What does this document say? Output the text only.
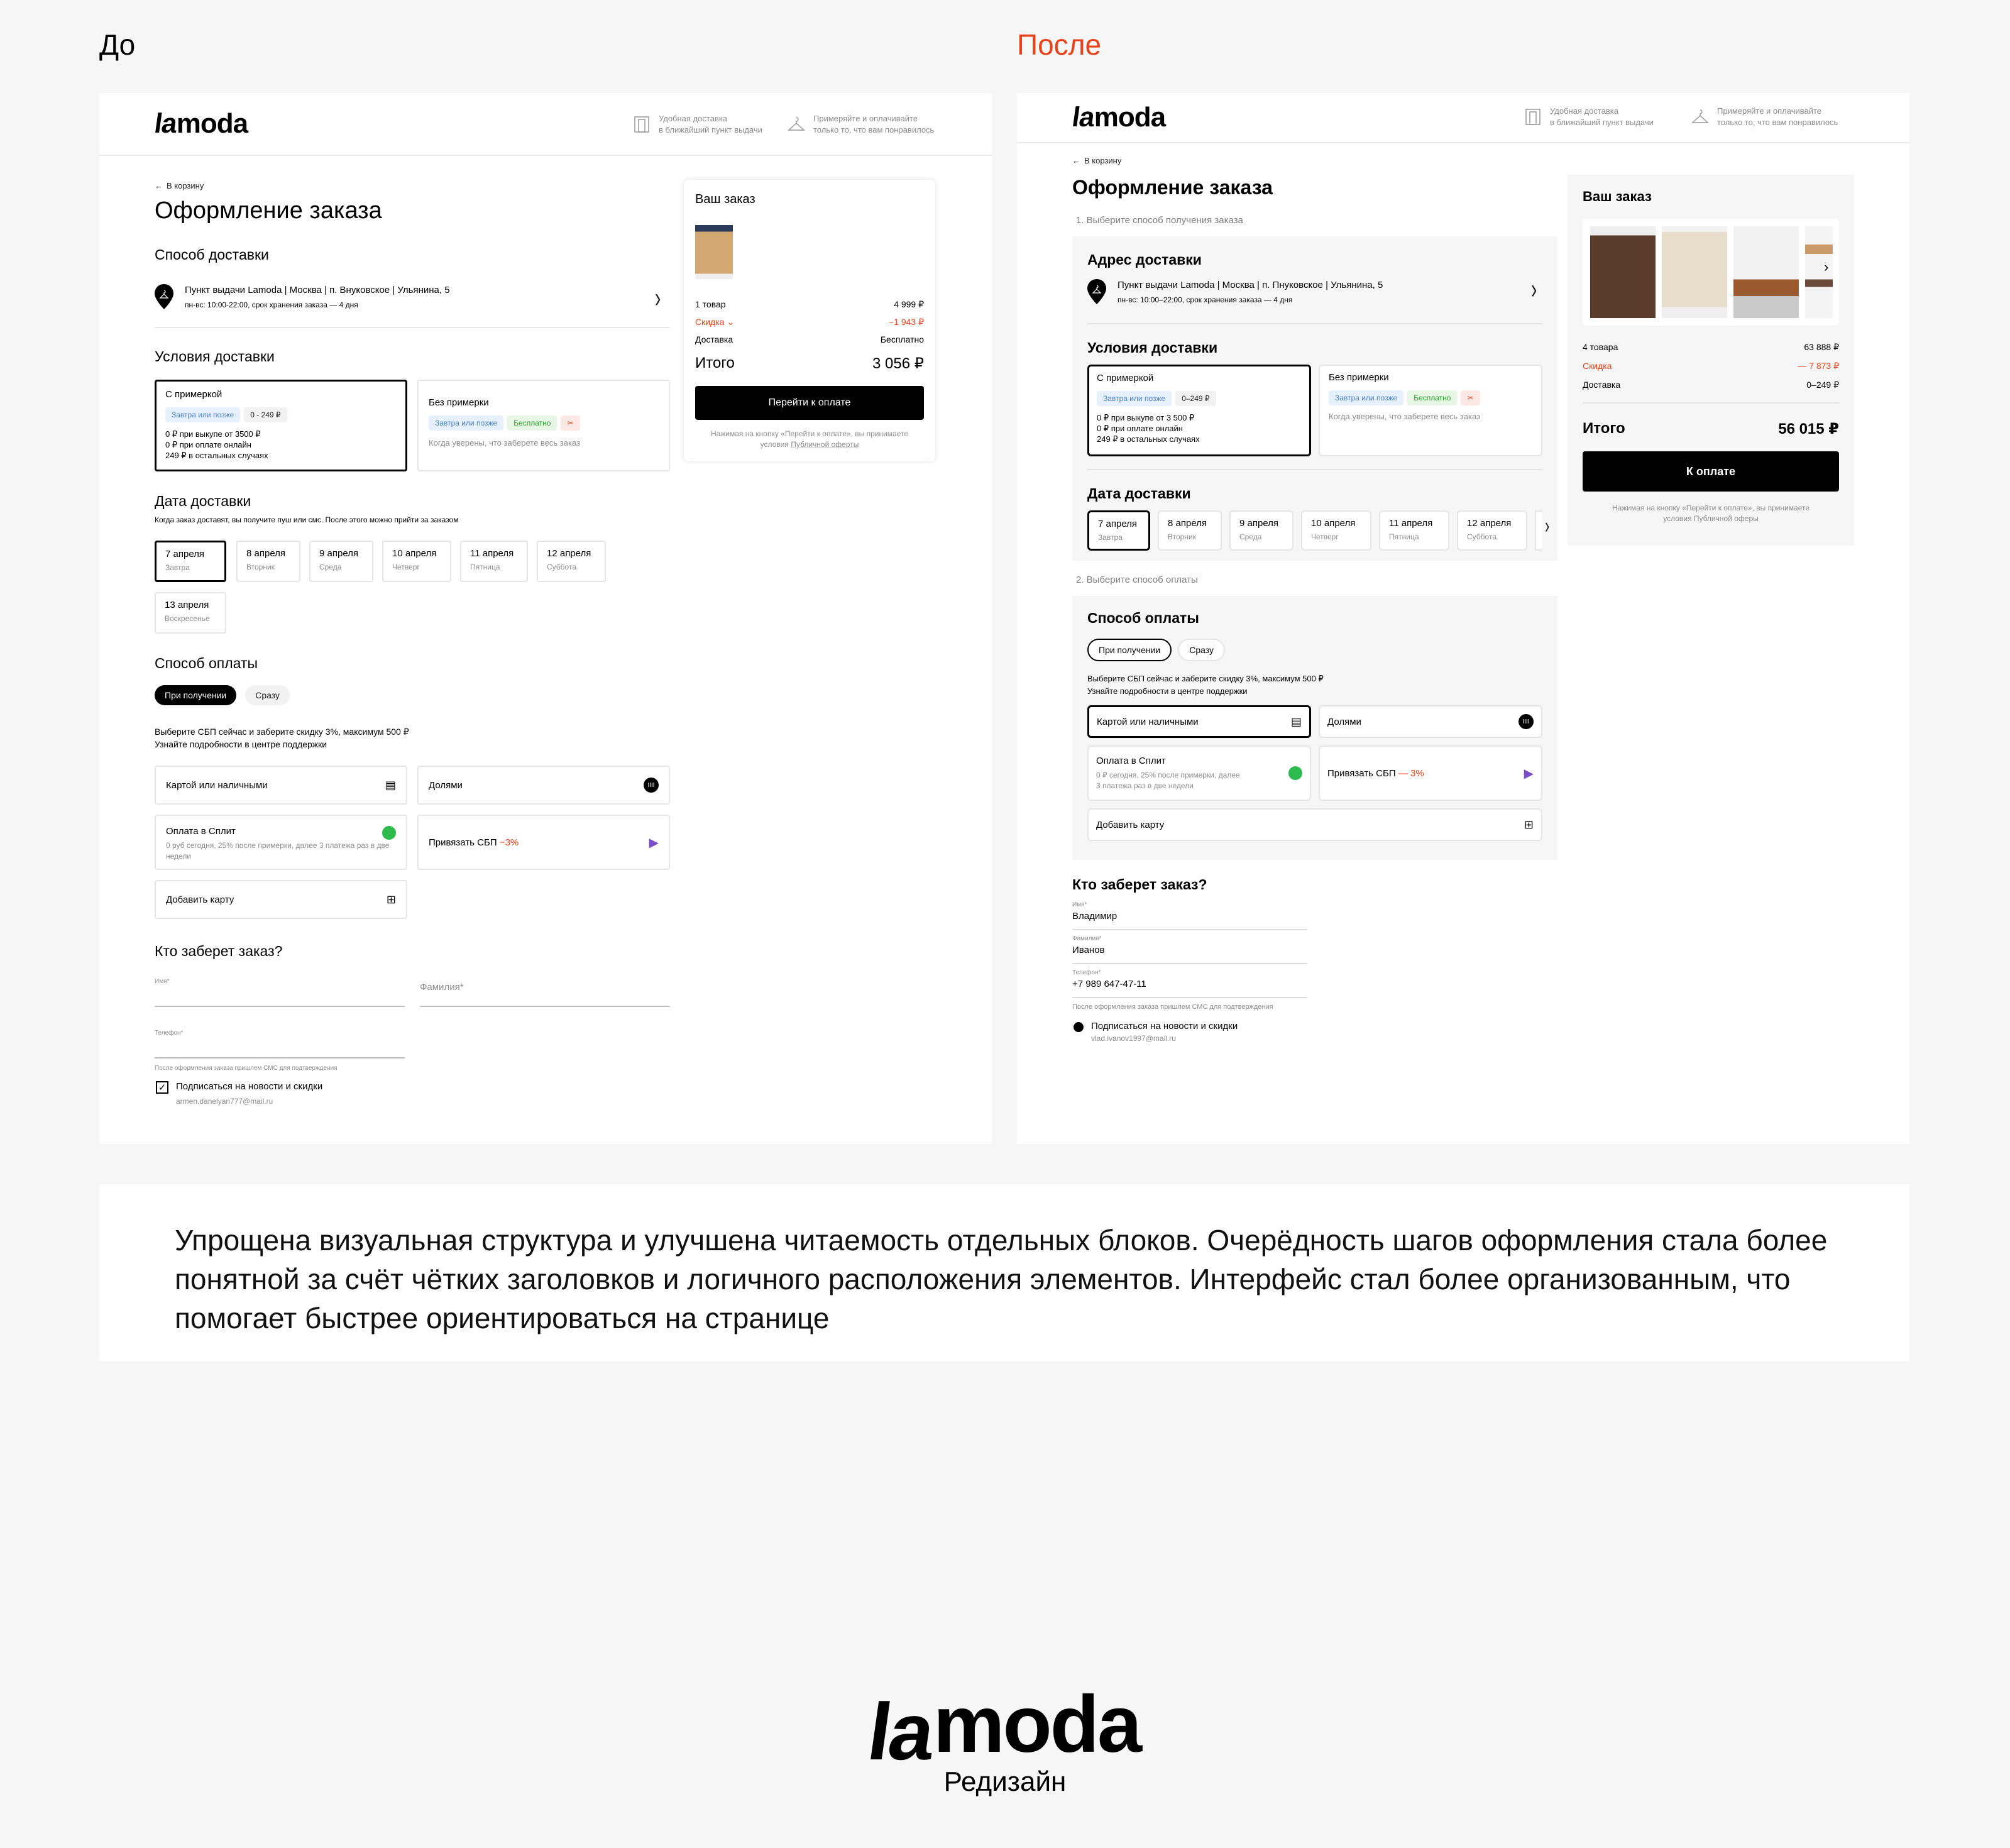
До	После
lamoda	Удобная доставка
в ближайший пункт выдачи
Примеряйте и оплачивайте
только то, что вам понравилось
← В корзину
Оформление заказа
Способ доставки
Пункт выдачи Lamoda | Москва | п. Внуковское | Ульянина, 5
пн-вс: 10:00-22:00, срок хранения заказа — 4 дня	›
Условия доставки
С примеркой
Завтра или позже 0 - 249 ₽
0 ₽ при выкупе от 3500 ₽
0 ₽ при оплате онлайн
249 ₽ в остальных случаях
Без примерки
Завтра или позже Бесплатно ✂
Когда уверены, что заберете весь заказ
Дата доставки
Когда заказ доставят, вы получите пуш или смс. После этого можно прийти за заказом
7 апреля
Завтра
8 апреля
Вторник
9 апреля
Среда
10 апреля
Четверг
11 апреля
Пятница
12 апреля
Суббота
13 апреля
Воскресенье
Способ оплаты
При получении	Сразу
Выберите СБП сейчас и заберите скидку 3%, максимум 500 ₽
Узнайте подробности в центре поддержки
Картой или наличными	▤	Долями	IIII
Оплата в Сплит
0 руб сегодня, 25% после примерки, далее 3 платежа раз в две недели
Привязать СБП −3%	▶
Добавить карту	⊞
Кто заберет заказ?
Имя*
Фамилия*
Телефон*
После оформления заказа пришлем СМС для подтверждения
✓ Подписаться на новости и скидки
armen.danelyan777@mail.ru
Ваш заказ
1 товар	4 999 ₽
Скидка ⌄	−1 943 ₽
Доставка	Бесплатно
Итого	3 056 ₽
Перейти к оплате
Нажимая на кнопку «Перейти к оплате», вы принимаете
условия Публичной оферты
lamoda	Удобная доставка
в ближайший пункт выдачи
Примеряйте и оплачивайте
только то, что вам понравилось
← В корзину
Оформление заказа
1. Выберите способ получения заказа
Адрес доставки
Пункт выдачи Lamoda | Москва | п. Пнуковское | Ульянина, 5
пн-вс: 10:00–22:00, срок хранения заказа — 4 дня	›
Условия доставки
С примеркой
Завтра или позже 0–249 ₽
0 ₽ при выкупе от 3 500 ₽
0 ₽ при оплате онлайн
249 ₽ в остальных случаях
Без примерки
Завтра или позже Бесплатно ✂
Когда уверены, что заберете весь заказ
Дата доставки
7 апреля
Завтра
8 апреля
Вторник
9 апреля
Среда
10 апреля
Четверг
11 апреля
Пятница
12 апреля
Суббота	›
2. Выберите способ оплаты
Способ оплаты
При получении	Сразу
Выберите СБП сейчас и заберите скидку 3%, максимум 500 ₽
Узнайте подробности в центре поддержки
Картой или наличными	▤	Долями	IIII
Оплата в Сплит
0 ₽ сегодня, 25% после примерки, далее
3 платежа раз в две недели
Привязать СБП — 3%	▶
Добавить карту	⊞
Кто заберет заказ?
Имя*
Владимир
Фамилия*
Иванов
Телефон*
+7 989 647-47-11
После оформления заказа пришлем СМС для подтверждения
Подписаться на новости и скидки
vlad.ivanov1997@mail.ru
Ваш заказ
›
4 товара	63 888 ₽
Скидка	— 7 873 ₽
Доставка	0–249 ₽
Итого	56 015 ₽
К оплате
Нажимая на кнопку «Перейти к оплате», вы принимаете
условия Публичной оферы

Упрощена визуальная структура и улучшена читаемость отдельных блоков. Очерёдность шагов оформления стала более понятной за счёт чётких заголовков и логичного расположения элементов. Интерфейс стал более организованным, что помогает быстрее ориентироваться на странице

lamoda
Редизайн
